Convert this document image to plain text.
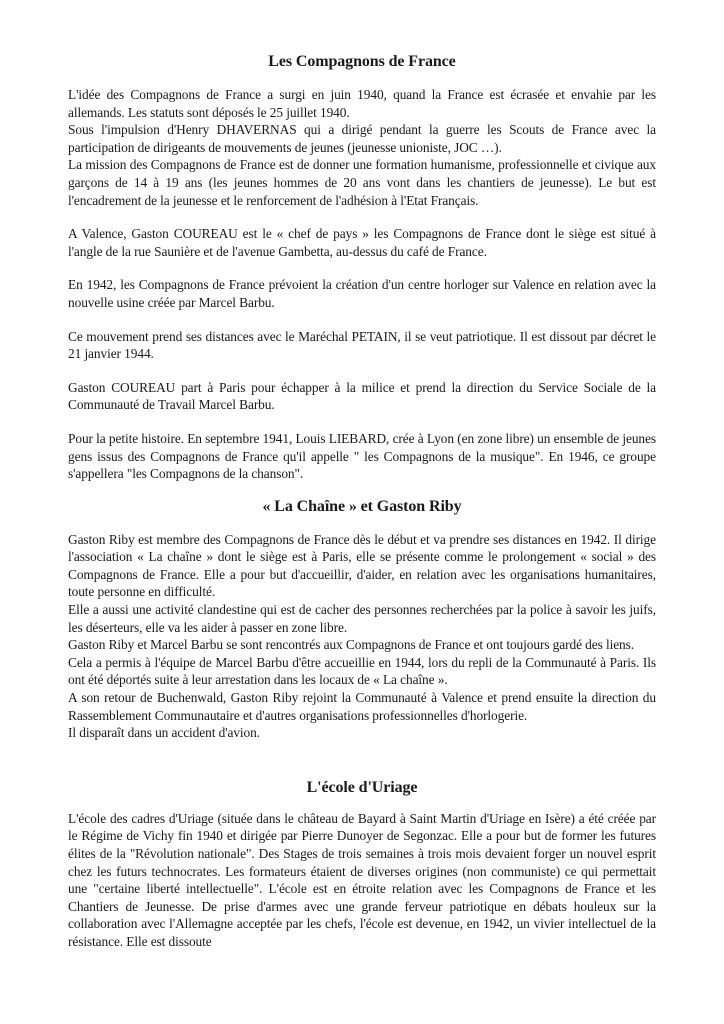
Les Compagnons de France

L'idée des Compagnons de France a surgi en juin 1940, quand la France est écrasée et envahie par les allemands. Les statuts sont déposés le 25 juillet 1940.

Sous l'impulsion d'Henry DHAVERNAS qui a dirigé pendant la guerre les Scouts de France avec la participation de dirigeants de mouvements de jeunes (jeunesse unioniste, JOC …).

La mission des Compagnons de France est de donner une formation humanisme, professionnelle et civique aux garçons de 14 à 19 ans (les jeunes hommes de 20 ans vont dans les chantiers de jeunesse). Le but est l'encadrement de la jeunesse et le renforcement de l'adhésion à l'Etat Français.

A Valence, Gaston COUREAU est le « chef de pays » les Compagnons de France dont le siège est situé à l'angle de la rue Saunière et de l'avenue Gambetta, au-dessus du café de France.

En 1942, les Compagnons de France prévoient la création d'un centre horloger sur Valence en relation avec la nouvelle usine créée par Marcel Barbu.

Ce mouvement prend ses distances avec le Maréchal PETAIN, il se veut patriotique. Il est dissout par décret le 21 janvier 1944.

Gaston COUREAU part à Paris pour échapper à la milice et prend la direction du Service Sociale de la Communauté de Travail Marcel Barbu.

Pour la petite histoire. En septembre 1941, Louis LIEBARD, crée à Lyon (en zone libre) un ensemble de jeunes gens issus des Compagnons de France qu'il appelle " les Compagnons de la musique". En 1946, ce groupe s'appellera "les Compagnons de la chanson".

« La Chaîne » et Gaston Riby

Gaston Riby est membre des Compagnons de France dès le début et va prendre ses distances en 1942. Il dirige l'association « La chaîne » dont le siège est à Paris, elle se présente comme le prolongement « social » des Compagnons de France. Elle a pour but d'accueillir, d'aider, en relation avec les organisations humanitaires, toute personne en difficulté.

Elle a aussi une activité clandestine qui est de cacher des personnes recherchées par la police à savoir les juifs, les déserteurs, elle va les aider à passer en zone libre.

Gaston Riby et Marcel Barbu se sont rencontrés aux Compagnons de France et ont toujours gardé des liens.

Cela a permis à l'équipe de Marcel Barbu d'être accueillie en 1944, lors du repli de la Communauté à Paris. Ils ont été déportés suite à leur arrestation dans les locaux de « La chaîne ».

A son retour de Buchenwald, Gaston Riby rejoint la Communauté à Valence et prend ensuite la direction du Rassemblement Communautaire et d'autres organisations professionnelles d'horlogerie.

Il disparaît dans un accident d'avion.

L'école d'Uriage

L'école des cadres d'Uriage (située dans le château de Bayard à Saint Martin d'Uriage en Isère) a été créée par le Régime de Vichy fin 1940 et dirigée par Pierre Dunoyer de Segonzac. Elle a pour but de former les futures élites de la "Révolution nationale". Des Stages de trois semaines à trois mois devaient forger un nouvel esprit chez les futurs technocrates. Les formateurs étaient de diverses origines (non communiste) ce qui permettait une "certaine liberté intellectuelle". L'école est en étroite relation avec les Compagnons de France et les Chantiers de Jeunesse. De prise d'armes avec une grande ferveur patriotique en débats houleux sur la collaboration avec l'Allemagne acceptée par les chefs, l'école est devenue, en 1942, un vivier intellectuel de la résistance. Elle est dissoute
